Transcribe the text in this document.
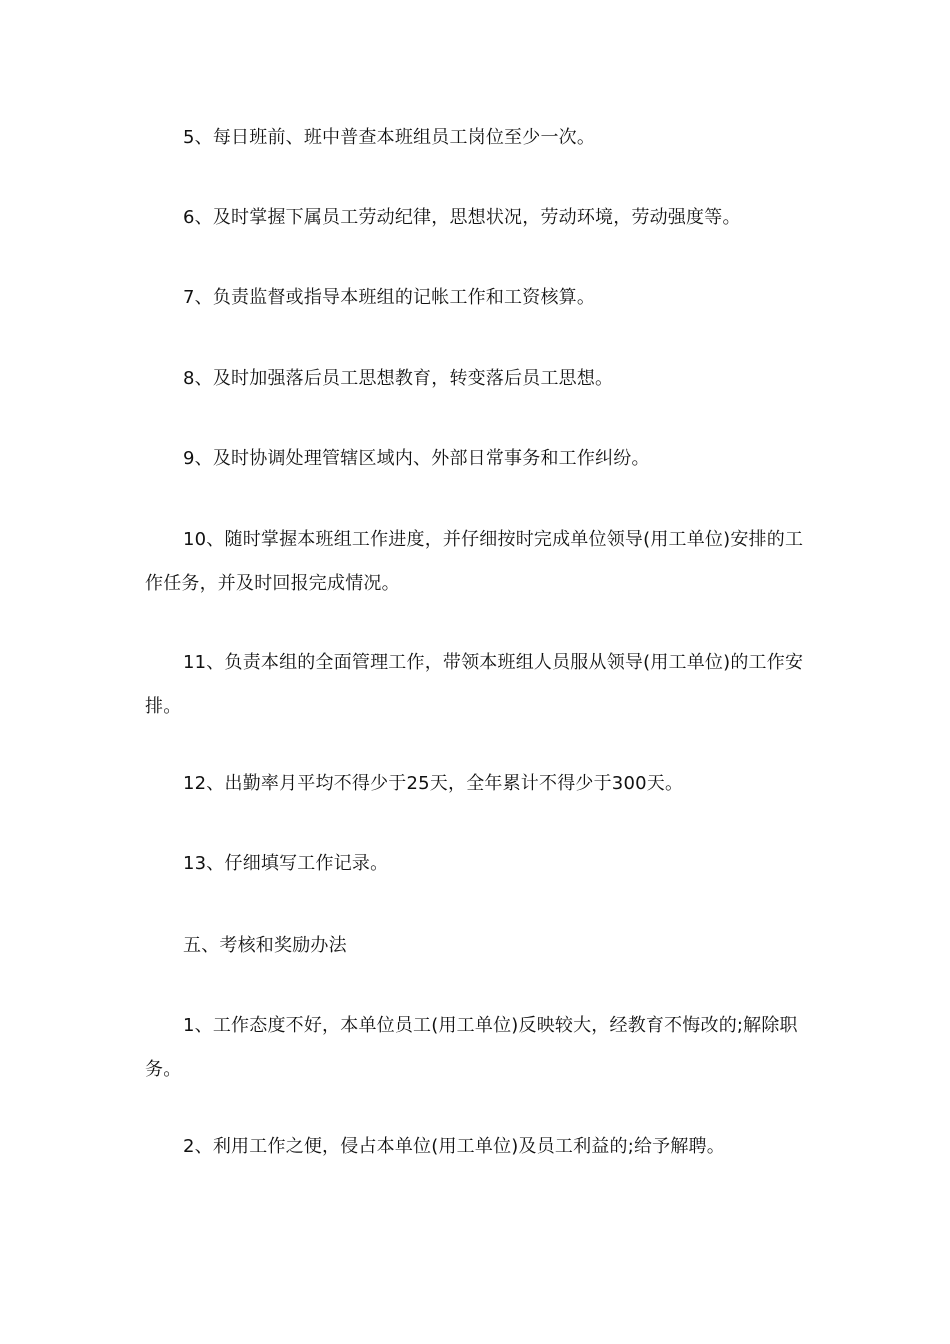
5、每日班前、班中普查本班组员工岗位至少一次。

6、及时掌握下属员工劳动纪律，思想状况，劳动环境，劳动强度等。

7、负责监督或指导本班组的记帐工作和工资核算。

8、及时加强落后员工思想教育，转变落后员工思想。

9、及时协调处理管辖区域内、外部日常事务和工作纠纷。

10、随时掌握本班组工作进度，并仔细按时完成单位领导(用工单位)安排的工作任务，并及时回报完成情况。

11、负责本组的全面管理工作，带领本班组人员服从领导(用工单位)的工作安排。

12、出勤率月平均不得少于25天，全年累计不得少于300天。

13、仔细填写工作记录。

五、考核和奖励办法

1、工作态度不好，本单位员工(用工单位)反映较大，经教育不悔改的;解除职务。

2、利用工作之便，侵占本单位(用工单位)及员工利益的;给予解聘。
